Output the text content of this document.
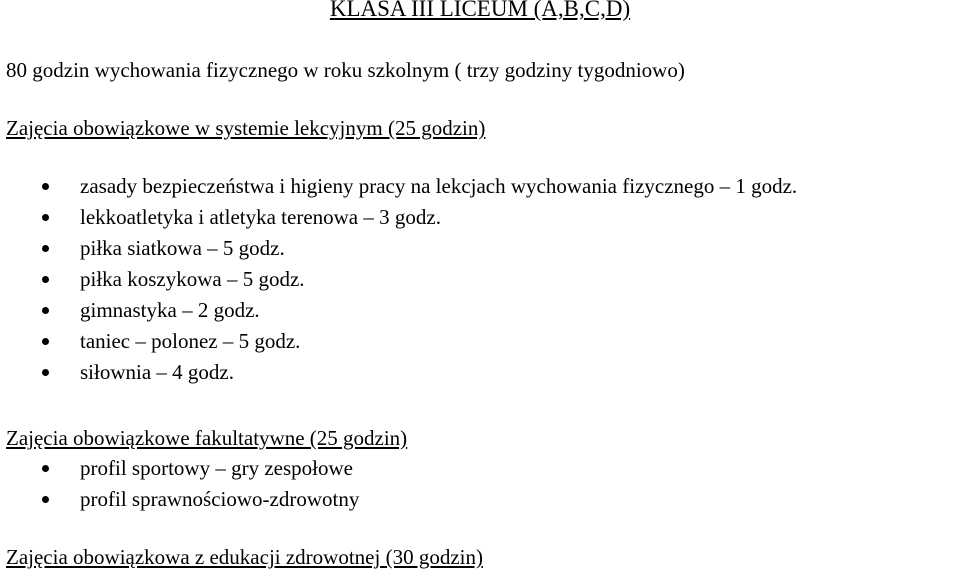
KLASA III LICEUM (A,B,C,D)

80 godzin wychowania fizycznego w roku szkolnym ( trzy godziny tygodniowo)

Zajęcia obowiązkowe w systemie lekcyjnym (25 godzin)

zasady bezpieczeństwa i higieny pracy na lekcjach wychowania fizycznego – 1 godz.
lekkoatletyka i atletyka terenowa – 3 godz.
piłka siatkowa – 5 godz.
piłka koszykowa – 5 godz.
gimnastyka – 2 godz.
taniec – polonez – 5 godz.
siłownia – 4 godz.

Zajęcia obowiązkowe fakultatywne (25 godzin)

profil sportowy – gry zespołowe
profil sprawnościowo-zdrowotny

Zajęcia obowiązkowa z edukacji zdrowotnej (30 godzin)
